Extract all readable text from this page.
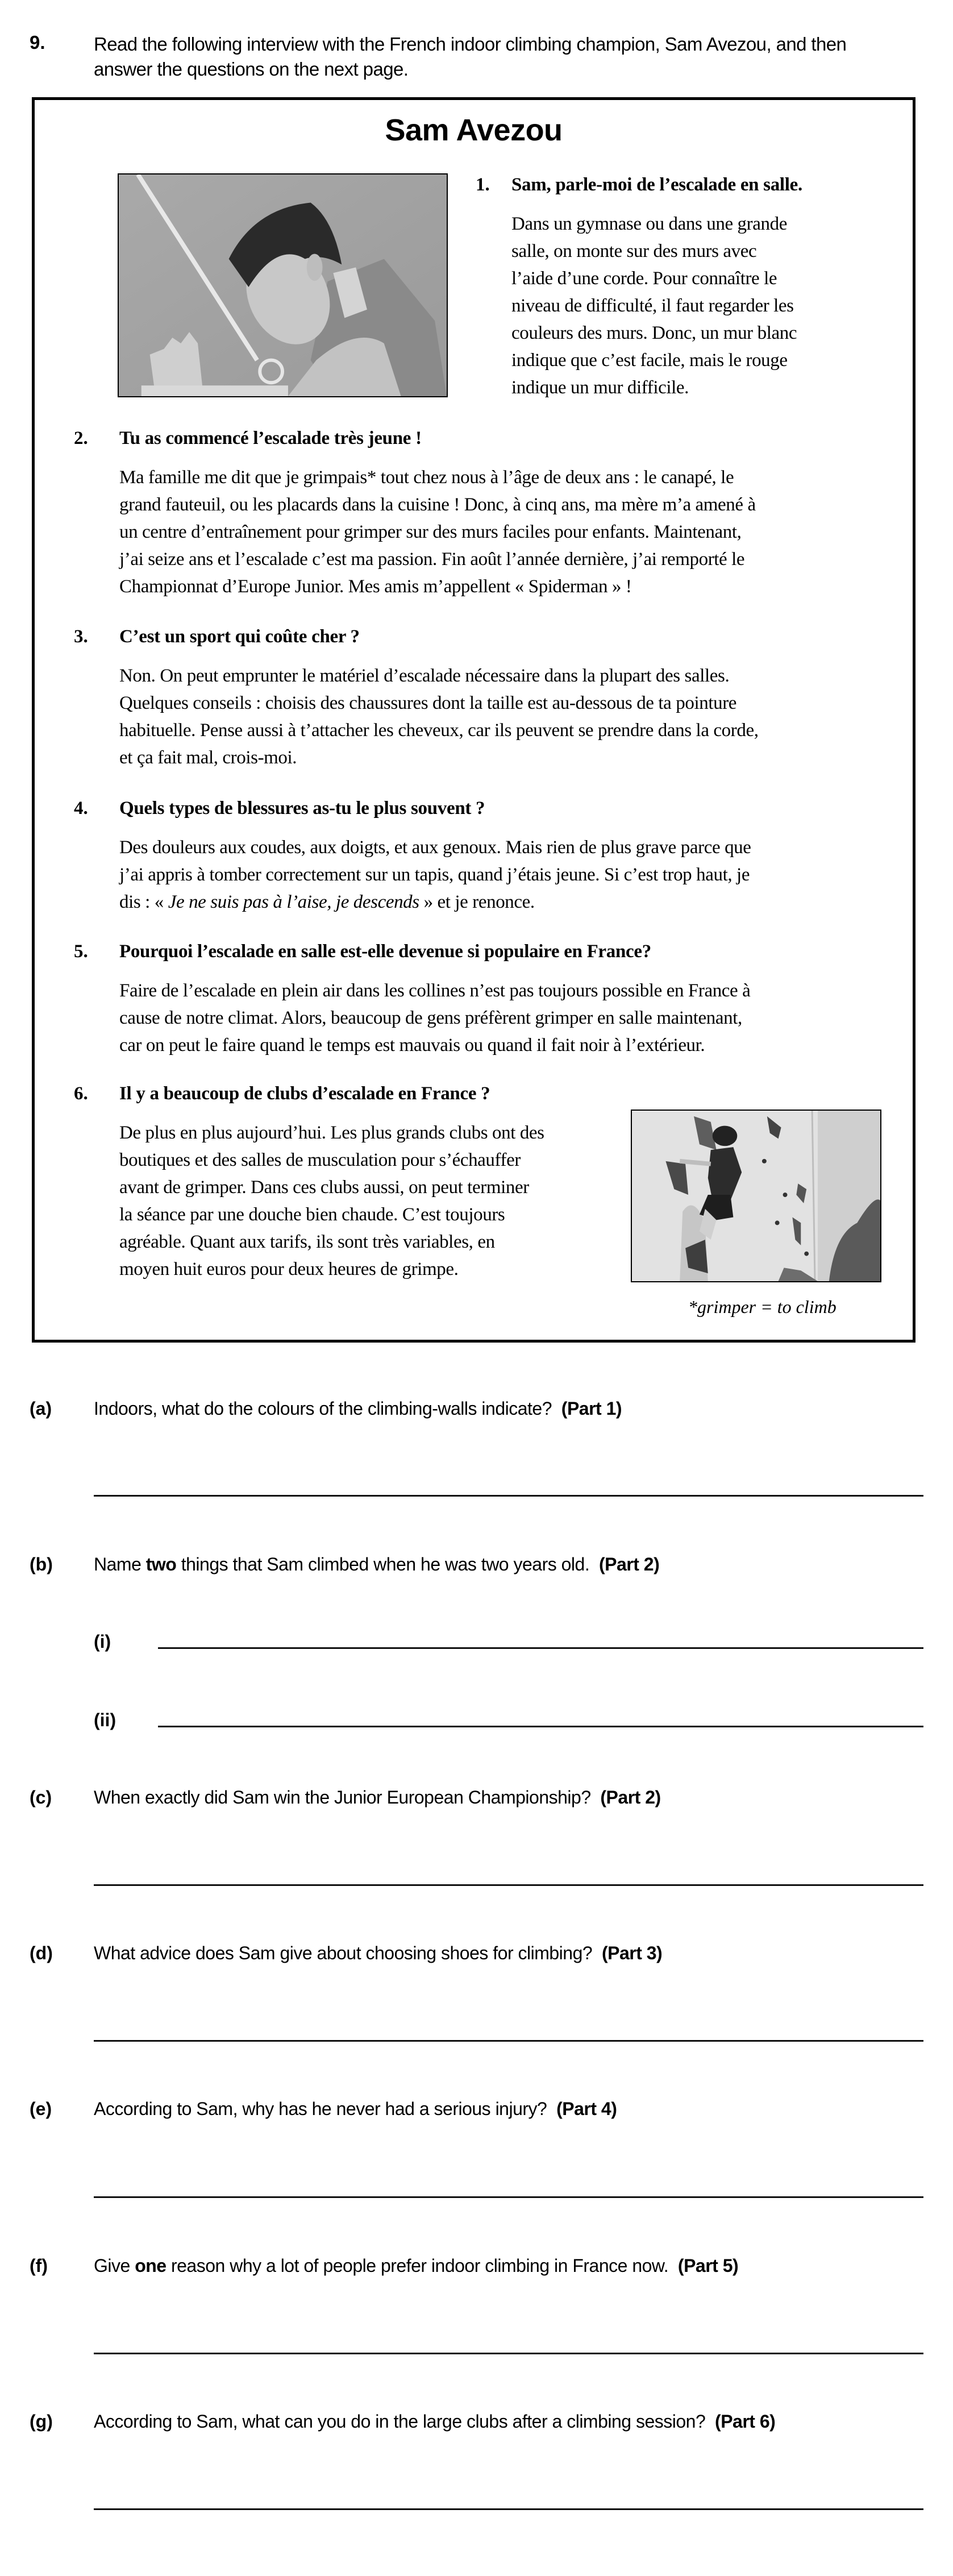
9.	Read the following interview with the French indoor climbing champion, Sam Avezou, and then answer the questions on the next page.
Sam Avezou
1. Sam, parle-moi de l’escalade en salle.
Dans un gymnase ou dans une grande
salle, on monte sur des murs avec
l’aide d’une corde. Pour connaître le
niveau de difficulté, il faut regarder les
couleurs des murs. Donc, un mur blanc
indique que c’est facile, mais le rouge
indique un mur difficile.
2. Tu as commencé l’escalade très jeune !
Ma famille me dit que je grimpais* tout chez nous à l’âge de deux ans : le canapé, le
grand fauteuil, ou les placards dans la cuisine ! Donc, à cinq ans, ma mère m’a amené à
un centre d’entraînement pour grimper sur des murs faciles pour enfants. Maintenant,
j’ai seize ans et l’escalade c’est ma passion. Fin août l’année dernière, j’ai remporté le
Championnat d’Europe Junior. Mes amis m’appellent « Spiderman » !
3. C’est un sport qui coûte cher ?
Non. On peut emprunter le matériel d’escalade nécessaire dans la plupart des salles.
Quelques conseils : choisis des chaussures dont la taille est au-dessous de ta pointure
habituelle. Pense aussi à t’attacher les cheveux, car ils peuvent se prendre dans la corde,
et ça fait mal, crois-moi.
4. Quels types de blessures as-tu le plus souvent ?
Des douleurs aux coudes, aux doigts, et aux genoux. Mais rien de plus grave parce que
j’ai appris à tomber correctement sur un tapis, quand j’étais jeune. Si c’est trop haut, je
dis : « Je ne suis pas à l’aise, je descends » et je renonce.
5. Pourquoi l’escalade en salle est-elle devenue si populaire en France?
Faire de l’escalade en plein air dans les collines n’est pas toujours possible en France à
cause de notre climat. Alors, beaucoup de gens préfèrent grimper en salle maintenant,
car on peut le faire quand le temps est mauvais ou quand il fait noir à l’extérieur.
6. Il y a beaucoup de clubs d’escalade en France ?
De plus en plus aujourd’hui. Les plus grands clubs ont des
boutiques et des salles de musculation pour s’échauffer
avant de grimper. Dans ces clubs aussi, on peut terminer
la séance par une douche bien chaude. C’est toujours
agréable. Quant aux tarifs, ils sont très variables, en
moyen huit euros pour deux heures de grimpe.
*grimper = to climb
(a) Indoors, what do the colours of the climbing-walls indicate? (Part 1)
(b) Name two things that Sam climbed when he was two years old. (Part 2)
(i)
(ii)
(c) When exactly did Sam win the Junior European Championship? (Part 2)
(d) What advice does Sam give about choosing shoes for climbing? (Part 3)
(e) According to Sam, why has he never had a serious injury? (Part 4)
(f)	Give one reason why a lot of people prefer indoor climbing in France now. (Part 5)
(g) According to Sam, what can you do in the large clubs after a climbing session? (Part 6)
